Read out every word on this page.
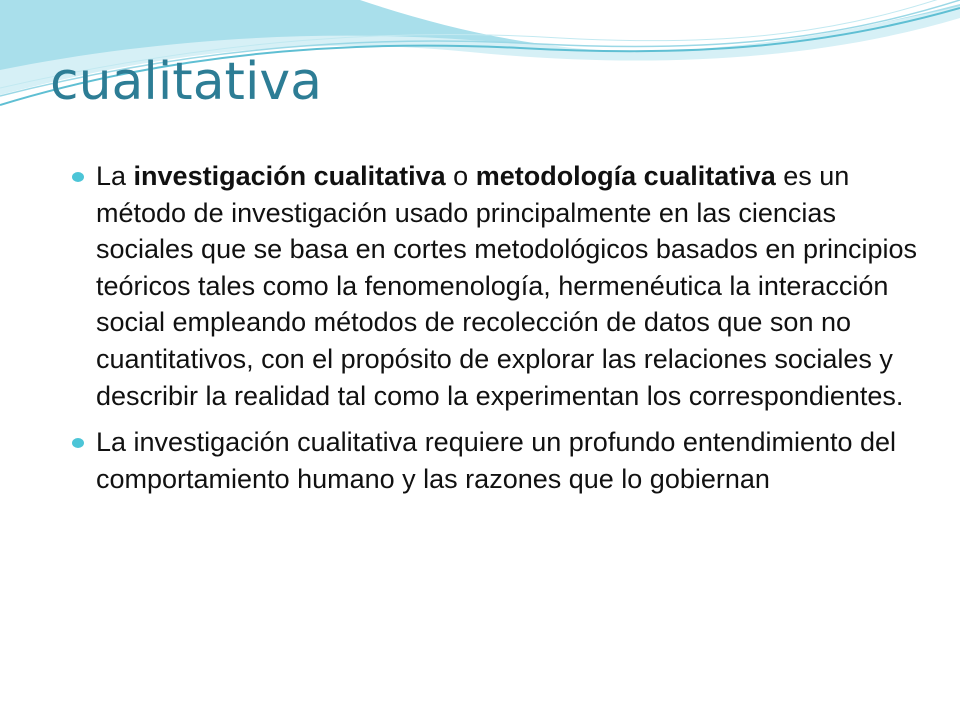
cualitativa
La investigación cualitativa o metodología cualitativa es un método de investigación usado principalmente en las ciencias sociales que se basa en cortes metodológicos basados en principios teóricos tales como la fenomenología, hermenéutica la interacción social empleando métodos de recolección de datos que son no cuantitativos, con el propósito de explorar las relaciones sociales y describir la realidad tal como la experimentan los correspondientes.
La investigación cualitativa requiere un profundo entendimiento del comportamiento humano y las razones que lo gobiernan
